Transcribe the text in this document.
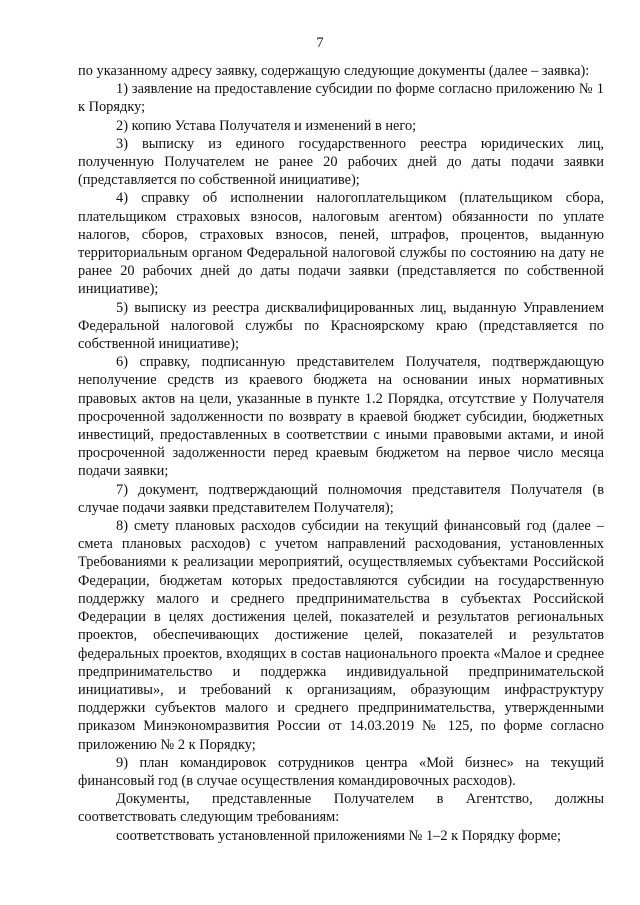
7

по указанному адресу заявку, содержащую следующие документы (далее – заявка):

1) заявление на предоставление субсидии по форме согласно приложению № 1 к Порядку;

2) копию Устава Получателя и изменений в него;

3) выписку из единого государственного реестра юридических лиц, полученную Получателем не ранее 20 рабочих дней до даты подачи заявки (представляется по собственной инициативе);

4) справку об исполнении налогоплательщиком (плательщиком сбора, плательщиком страховых взносов, налоговым агентом) обязанности по уплате налогов, сборов, страховых взносов, пеней, штрафов, процентов, выданную территориальным органом Федеральной налоговой службы по состоянию на дату не ранее 20 рабочих дней до даты подачи заявки (представляется по собственной инициативе);

5) выписку из реестра дисквалифицированных лиц, выданную Управлением Федеральной налоговой службы по Красноярскому краю (представляется по собственной инициативе);

6) справку, подписанную представителем Получателя, подтверждающую неполучение средств из краевого бюджета на основании иных нормативных правовых актов на цели, указанные в пункте 1.2 Порядка, отсутствие у Получателя просроченной задолженности по возврату в краевой бюджет субсидии, бюджетных инвестиций, предоставленных в соответствии с иными правовыми актами, и иной просроченной задолженности перед краевым бюджетом на первое число месяца подачи заявки;

7) документ, подтверждающий полномочия представителя Получателя (в случае подачи заявки представителем Получателя);

8) смету плановых расходов субсидии на текущий финансовый год (далее – смета плановых расходов) с учетом направлений расходования, установленных Требованиями к реализации мероприятий, осуществляемых субъектами Российской Федерации, бюджетам которых предоставляются субсидии на государственную поддержку малого и среднего предпринимательства в субъектах Российской Федерации в целях достижения целей, показателей и результатов региональных проектов, обеспечивающих достижение целей, показателей и результатов федеральных проектов, входящих в состав национального проекта «Малое и среднее предпринимательство и поддержка индивидуальной предпринимательской инициативы», и требований к организациям, образующим инфраструктуру поддержки субъектов малого и среднего предпринимательства, утвержденными приказом Минэкономразвития России от 14.03.2019 № 125, по форме согласно приложению № 2 к Порядку;

9) план командировок сотрудников центра «Мой бизнес» на текущий финансовый год (в случае осуществления командировочных расходов).

Документы, представленные Получателем в Агентство, должны соответствовать следующим требованиям:

соответствовать установленной приложениями № 1–2 к Порядку форме;
